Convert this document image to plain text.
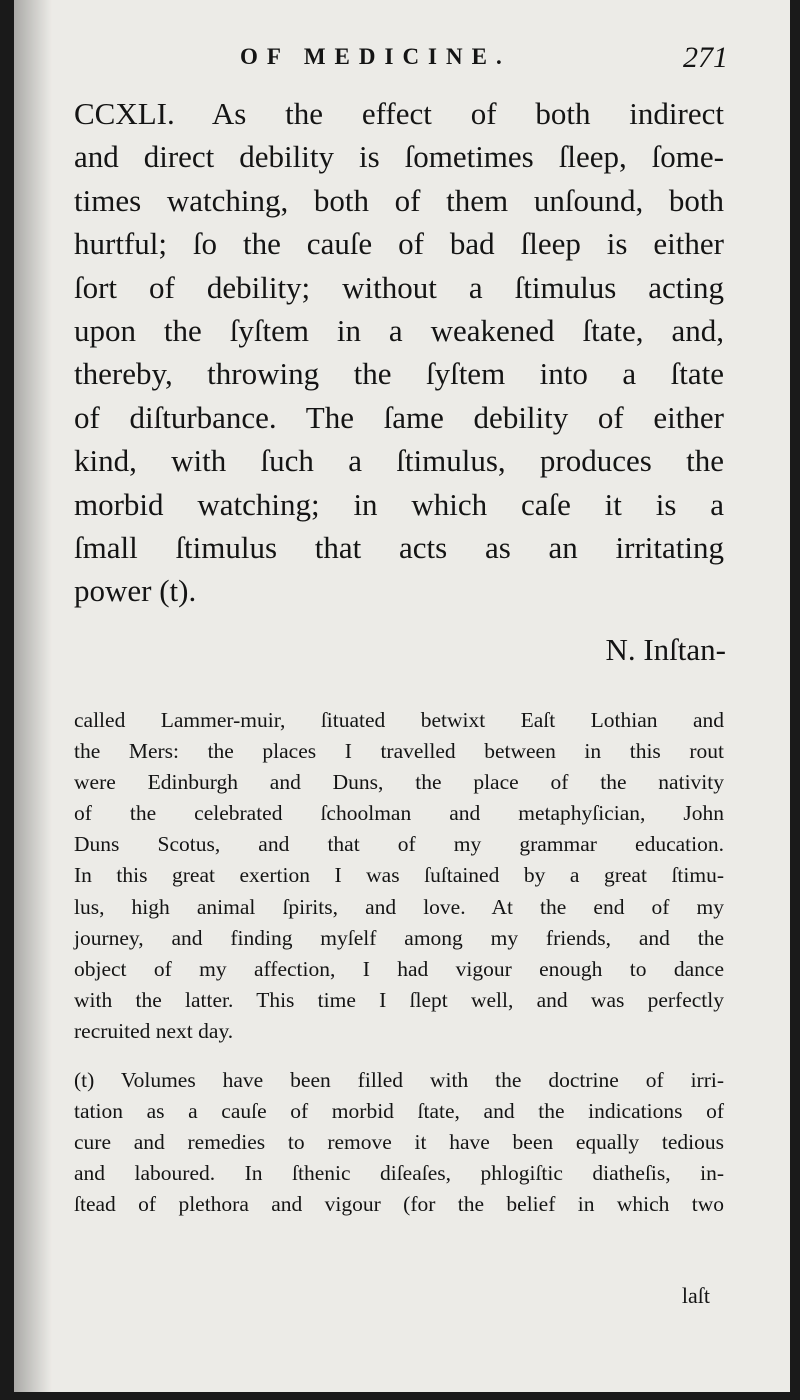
OF MEDICINE.	271
CCXLI. As the effect of both indirect
and direct debility is ſometimes ſleep, ſome-
times watching, both of them unſound, both
hurtful; ſo the cauſe of bad ſleep is either
ſort of debility; without a ſtimulus acting
upon the ſyſtem in a weakened ſtate, and,
thereby, throwing the ſyſtem into a ſtate
of diſturbance. The ſame debility of either
kind, with ſuch a ſtimulus, produces the
morbid watching; in which caſe it is a
ſmall ſtimulus that acts as an irritating
power (t).
N. Inſtan-
called Lammer-muir, ſituated betwixt Eaſt Lothian and
the Mers: the places I travelled between in this rout
were Edinburgh and Duns, the place of the nativity
of the celebrated ſchoolman and metaphyſician, John
Duns Scotus, and that of my grammar education.
In this great exertion I was ſuſtained by a great ſtimu-
lus, high animal ſpirits, and love. At the end of my
journey, and finding myſelf among my friends, and the
object of my affection, I had vigour enough to dance
with the latter. This time I ſlept well, and was perfectly
recruited next day.
(t) Volumes have been filled with the doctrine of irri-
tation as a cauſe of morbid ſtate, and the indications of
cure and remedies to remove it have been equally tedious
and laboured. In ſthenic diſeaſes, phlogiſtic diatheſis, in-
ſtead of plethora and vigour (for the belief in which two
laſt
